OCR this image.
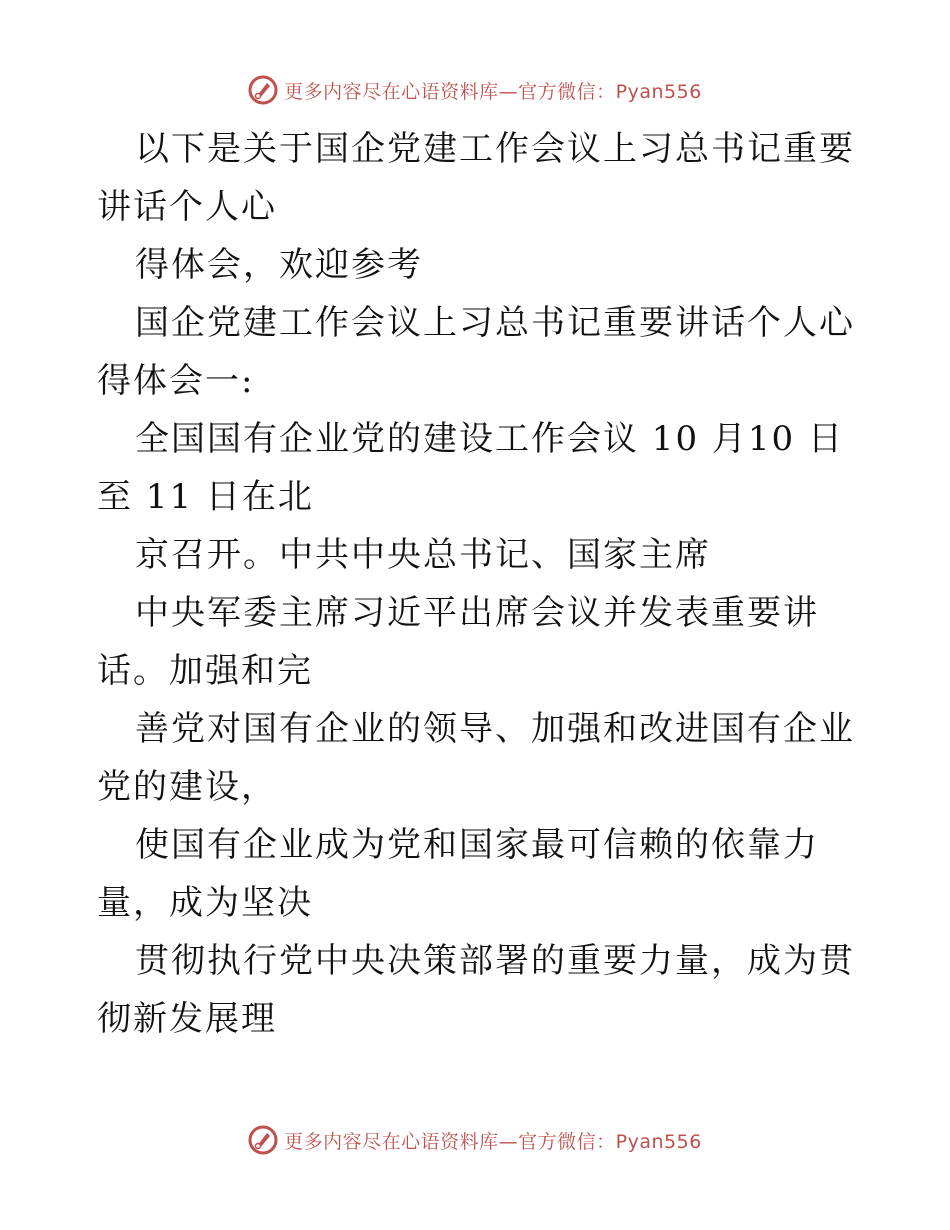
更多内容尽在心语资料库—官方微信：Pyan556

以下是关于国企党建工作会议上习总书记重要讲话个人心

得体会，欢迎参考

国企党建工作会议上习总书记重要讲话个人心得体会一:

全国国有企业党的建设工作会议 10 月10 日至 11 日在北

京召开。中共中央总书记、国家主席

中央军委主席习近平出席会议并发表重要讲话。加强和完

善党对国有企业的领导、加强和改进国有企业党的建设，

使国有企业成为党和国家最可信赖的依靠力量，成为坚决

贯彻执行党中央决策部署的重要力量，成为贯彻新发展理

更多内容尽在心语资料库—官方微信：Pyan556
